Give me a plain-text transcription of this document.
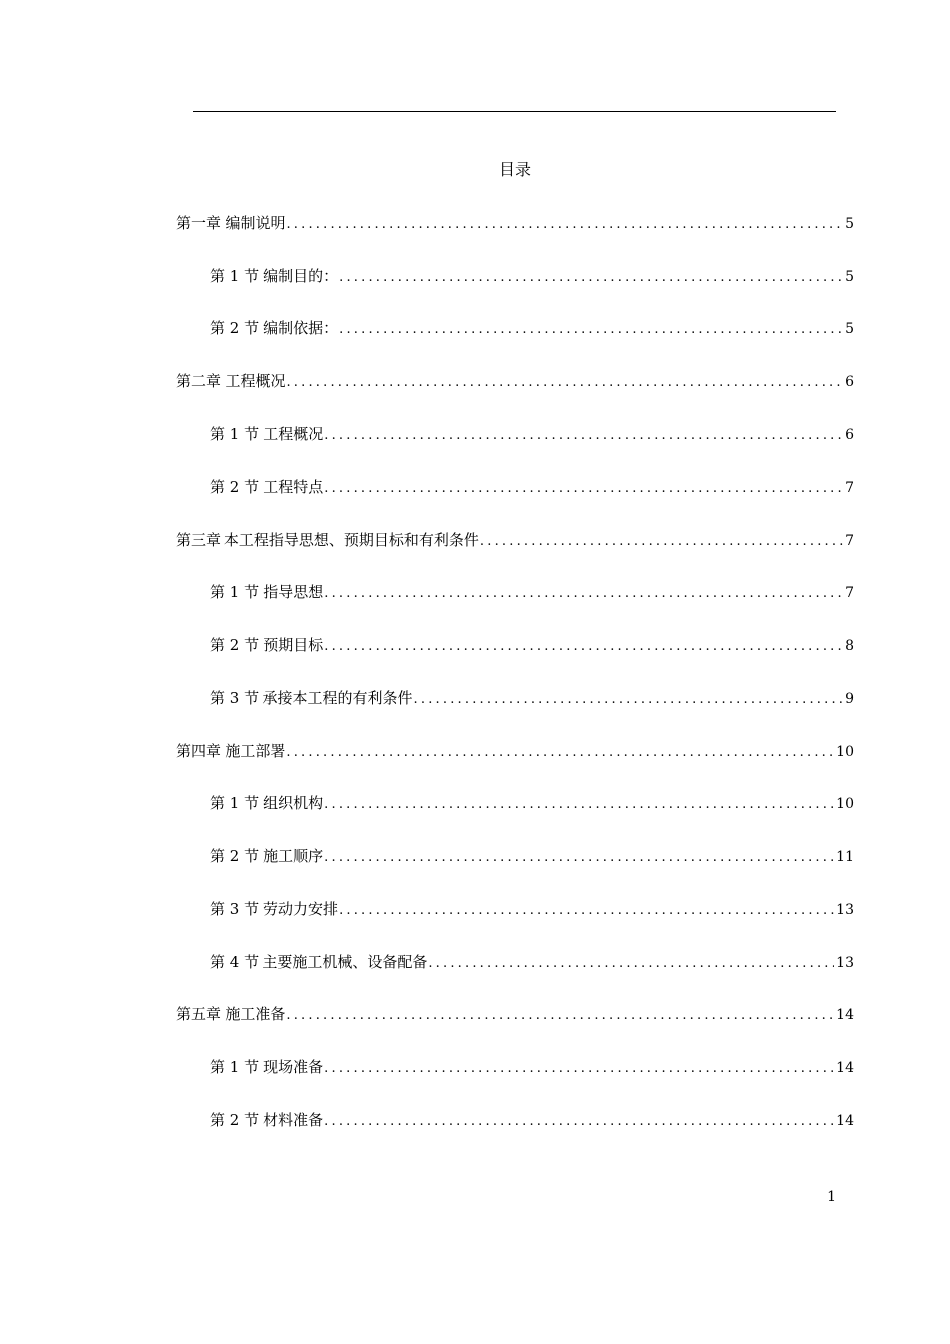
目录
第一章 编制说明 .....	5
第 1 节 编制目的： .....	5
第 2 节 编制依据： .....	5
第二章 工程概况 .....	6
第 1 节 工程概况 .....	6
第 2 节 工程特点 .....	7
第三章 本工程指导思想、预期目标和有利条件 .....	7
第 1 节 指导思想 .....	7
第 2 节 预期目标 .....	8
第 3 节 承接本工程的有利条件 .....	9
第四章 施工部署 .....	10
第 1 节 组织机构 .....	10
第 2 节 施工顺序 .....	11
第 3 节 劳动力安排 .....	13
第 4 节 主要施工机械、设备配备 .....	13
第五章 施工准备 .....	14
第 1 节 现场准备 .....	14
第 2 节 材料准备 .....	14
1
